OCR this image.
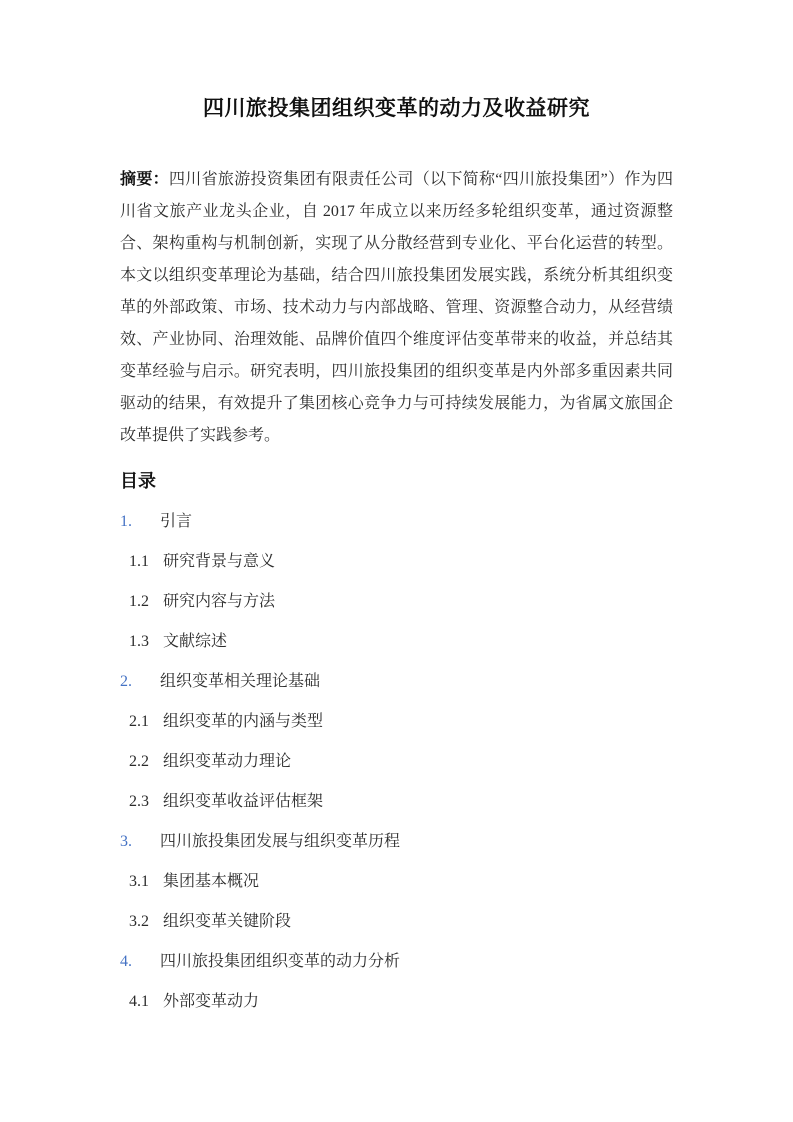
四川旅投集团组织变革的动力及收益研究

摘要：四川省旅游投资集团有限责任公司（以下简称“四川旅投集团”）作为四川省文旅产业龙头企业，自 2017 年成立以来历经多轮组织变革，通过资源整合、架构重构与机制创新，实现了从分散经营到专业化、平台化运营的转型。本文以组织变革理论为基础，结合四川旅投集团发展实践，系统分析其组织变革的外部政策、市场、技术动力与内部战略、管理、资源整合动力，从经营绩效、产业协同、治理效能、品牌价值四个维度评估变革带来的收益，并总结其变革经验与启示。研究表明，四川旅投集团的组织变革是内外部多重因素共同驱动的结果，有效提升了集团核心竞争力与可持续发展能力，为省属文旅国企改革提供了实践参考。

目录
1.	引言
1.1 研究背景与意义
1.2 研究内容与方法
1.3 文献综述
2.	组织变革相关理论基础
2.1 组织变革的内涵与类型
2.2 组织变革动力理论
2.3 组织变革收益评估框架
3.	四川旅投集团发展与组织变革历程
3.1 集团基本概况
3.2 组织变革关键阶段
4.	四川旅投集团组织变革的动力分析
4.1 外部变革动力
